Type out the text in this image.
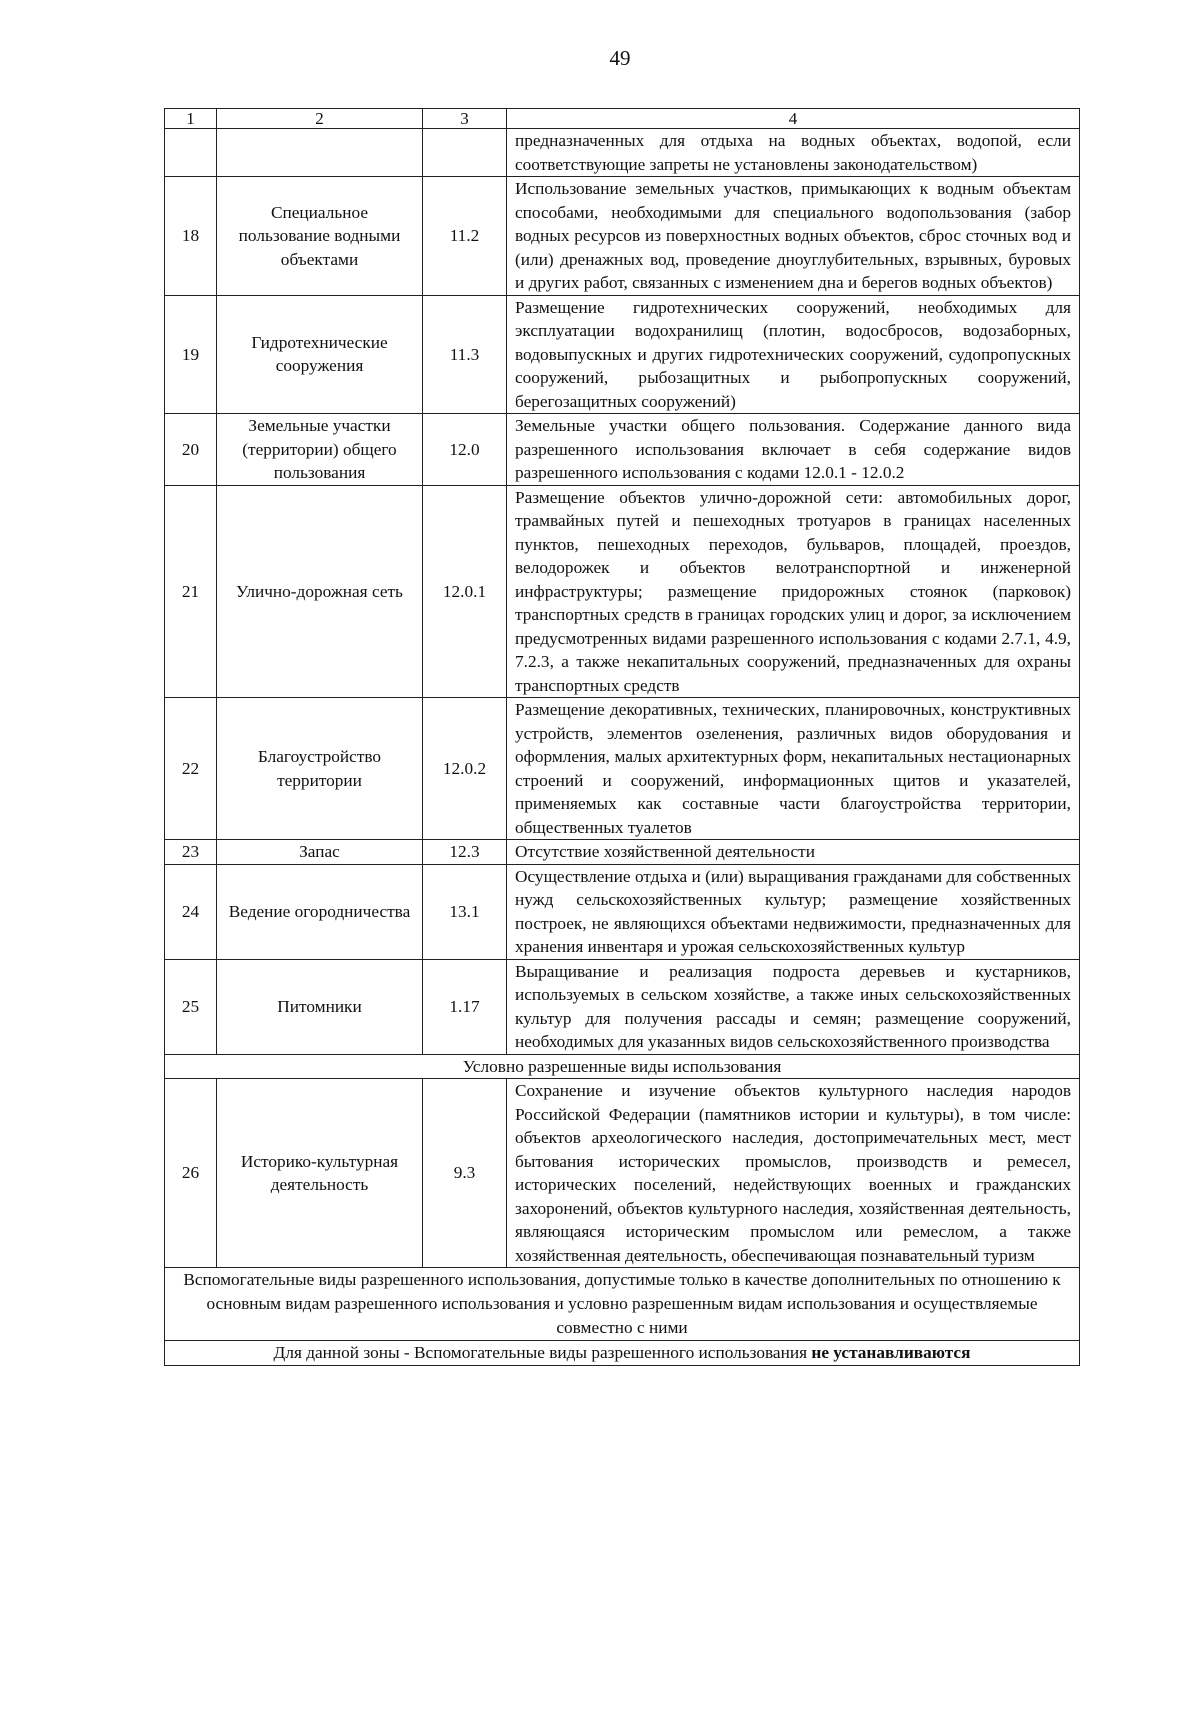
49
1	2	3	4
			предназначенных для отдыха на водных объектах, водопой, если соответствующие запреты не установлены законодательством)
18	Специальное пользование водными объектами	11.2	Использование земельных участков, примыкающих к водным объектам способами, необходимыми для специального водопользования (забор водных ресурсов из поверхностных водных объектов, сброс сточных вод и (или) дренажных вод, проведение дноуглубительных, взрывных, буровых и других работ, связанных с изменением дна и берегов водных объектов)
19	Гидротехнические сооружения	11.3	Размещение гидротехнических сооружений, необходимых для эксплуатации водохранилищ (плотин, водосбросов, водозаборных, водовыпускных и других гидротехнических сооружений, судопропускных сооружений, рыбозащитных и рыбопропускных сооружений, берегозащитных сооружений)
20	Земельные участки (территории) общего пользования	12.0	Земельные участки общего пользования. Содержание данного вида разрешенного использования включает в себя содержание видов разрешенного использования с кодами 12.0.1 - 12.0.2
21	Улично-дорожная сеть	12.0.1	Размещение объектов улично-дорожной сети: автомобильных дорог, трамвайных путей и пешеходных тротуаров в границах населенных пунктов, пешеходных переходов, бульваров, площадей, проездов, велодорожек и объектов велотранспортной и инженерной инфраструктуры; размещение придорожных стоянок (парковок) транспортных средств в границах городских улиц и дорог, за исключением предусмотренных видами разрешенного использования с кодами 2.7.1, 4.9, 7.2.3, а также некапитальных сооружений, предназначенных для охраны транспортных средств
22	Благоустройство территории	12.0.2	Размещение декоративных, технических, планировочных, конструктивных устройств, элементов озеленения, различных видов оборудования и оформления, малых архитектурных форм, некапитальных нестационарных строений и сооружений, информационных щитов и указателей, применяемых как составные части благоустройства территории, общественных туалетов
23	Запас	12.3	Отсутствие хозяйственной деятельности
24	Ведение огородничества	13.1	Осуществление отдыха и (или) выращивания гражданами для собственных нужд сельскохозяйственных культур; размещение хозяйственных построек, не являющихся объектами недвижимости, предназначенных для хранения инвентаря и урожая сельскохозяйственных культур
25	Питомники	1.17	Выращивание и реализация подроста деревьев и кустарников, используемых в сельском хозяйстве, а также иных сельскохозяйственных культур для получения рассады и семян; размещение сооружений, необходимых для указанных видов сельскохозяйственного производства
Условно разрешенные виды использования			
26	Историко-культурная деятельность	9.3	Сохранение и изучение объектов культурного наследия народов Российской Федерации (памятников истории и культуры), в том числе: объектов археологического наследия, достопримечательных мест, мест бытования исторических промыслов, производств и ремесел, исторических поселений, недействующих военных и гражданских захоронений, объектов культурного наследия, хозяйственная деятельность, являющаяся историческим промыслом или ремеслом, а также хозяйственная деятельность, обеспечивающая познавательный туризм
Вспомогательные виды разрешенного использования, допустимые только в качестве дополнительных по отношению к основным видам разрешенного использования и условно разрешенным видам использования и осуществляемые совместно с ними			
Для данной зоны - Вспомогательные виды разрешенного использования не устанавливаются			
